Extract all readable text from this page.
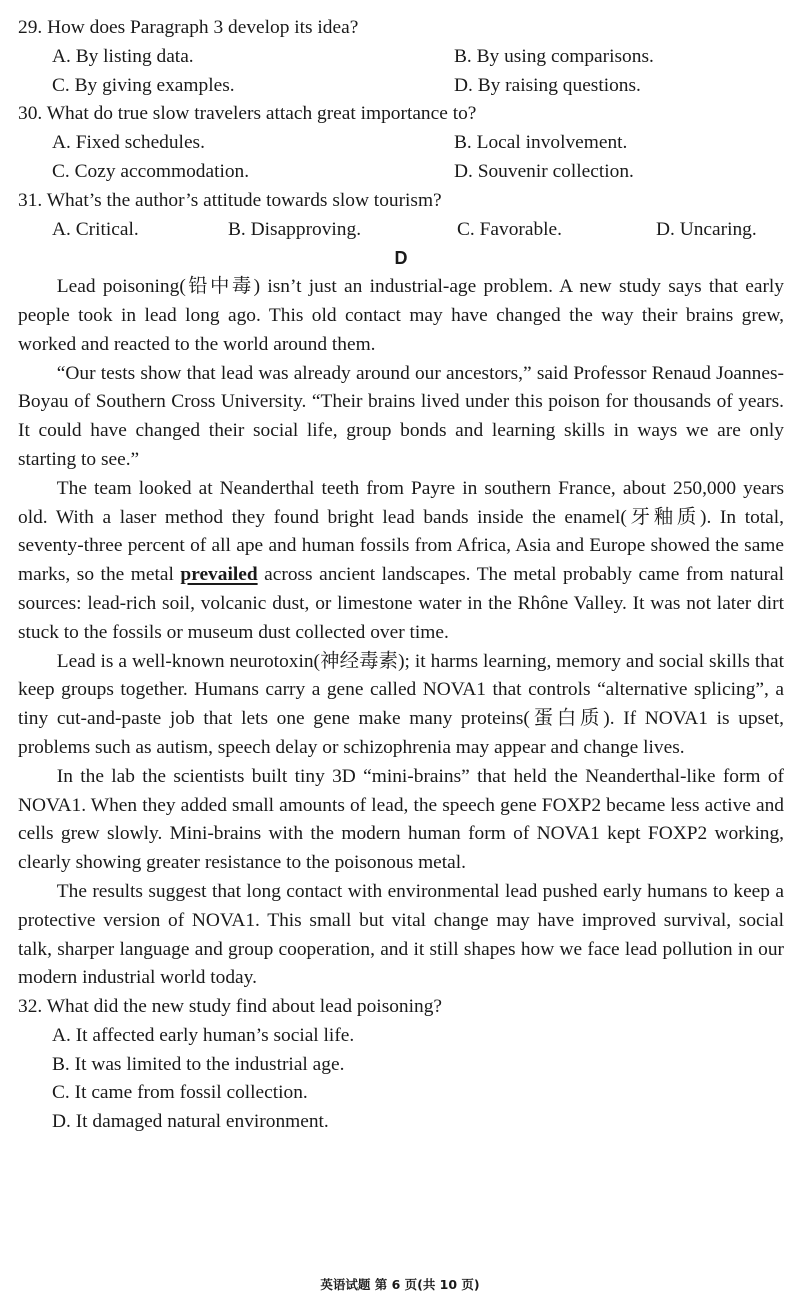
29. How does Paragraph 3 develop its idea?
A. By listing data.	B. By using comparisons.
C. By giving examples.	D. By raising questions.
30. What do true slow travelers attach great importance to?
A. Fixed schedules.	B. Local involvement.
C. Cozy accommodation.	D. Souvenir collection.
31. What’s the author’s attitude towards slow tourism?
A. Critical.	B. Disapproving.	C. Favorable.	D. Uncaring.
D

Lead poisoning(铅中毒) isn’t just an industrial-age problem. A new study says that early people took in lead long ago. This old contact may have changed the way their brains grew, worked and reacted to the world around them.

“Our tests show that lead was already around our ancestors,” said Professor Renaud Joannes-Boyau of Southern Cross University. “Their brains lived under this poison for thousands of years. It could have changed their social life, group bonds and learning skills in ways we are only starting to see.”

The team looked at Neanderthal teeth from Payre in southern France, about 250,000 years old. With a laser method they found bright lead bands inside the enamel(牙釉质). In total, seventy-three percent of all ape and human fossils from Africa, Asia and Europe showed the same marks, so the metal prevailed across ancient landscapes. The metal probably came from natural sources: lead-rich soil, volcanic dust, or limestone water in the Rhône Valley. It was not later dirt stuck to the fossils or museum dust collected over time.

Lead is a well-known neurotoxin(神经毒素); it harms learning, memory and social skills that keep groups together. Humans carry a gene called NOVA1 that controls “alternative splicing”, a tiny cut-and-paste job that lets one gene make many proteins(蛋白质). If NOVA1 is upset, problems such as autism, speech delay or schizophrenia may appear and change lives.

In the lab the scientists built tiny 3D “mini-brains” that held the Neanderthal-like form of NOVA1. When they added small amounts of lead, the speech gene FOXP2 became less active and cells grew slowly. Mini-brains with the modern human form of NOVA1 kept FOXP2 working, clearly showing greater resistance to the poisonous metal.

The results suggest that long contact with environmental lead pushed early humans to keep a protective version of NOVA1. This small but vital change may have improved survival, social talk, sharper language and group cooperation, and it still shapes how we face lead pollution in our modern industrial world today.

32. What did the new study find about lead poisoning?
A. It affected early human’s social life.
B. It was limited to the industrial age.
C. It came from fossil collection.
D. It damaged natural environment.
英语试题 第 6 页(共 10 页)
